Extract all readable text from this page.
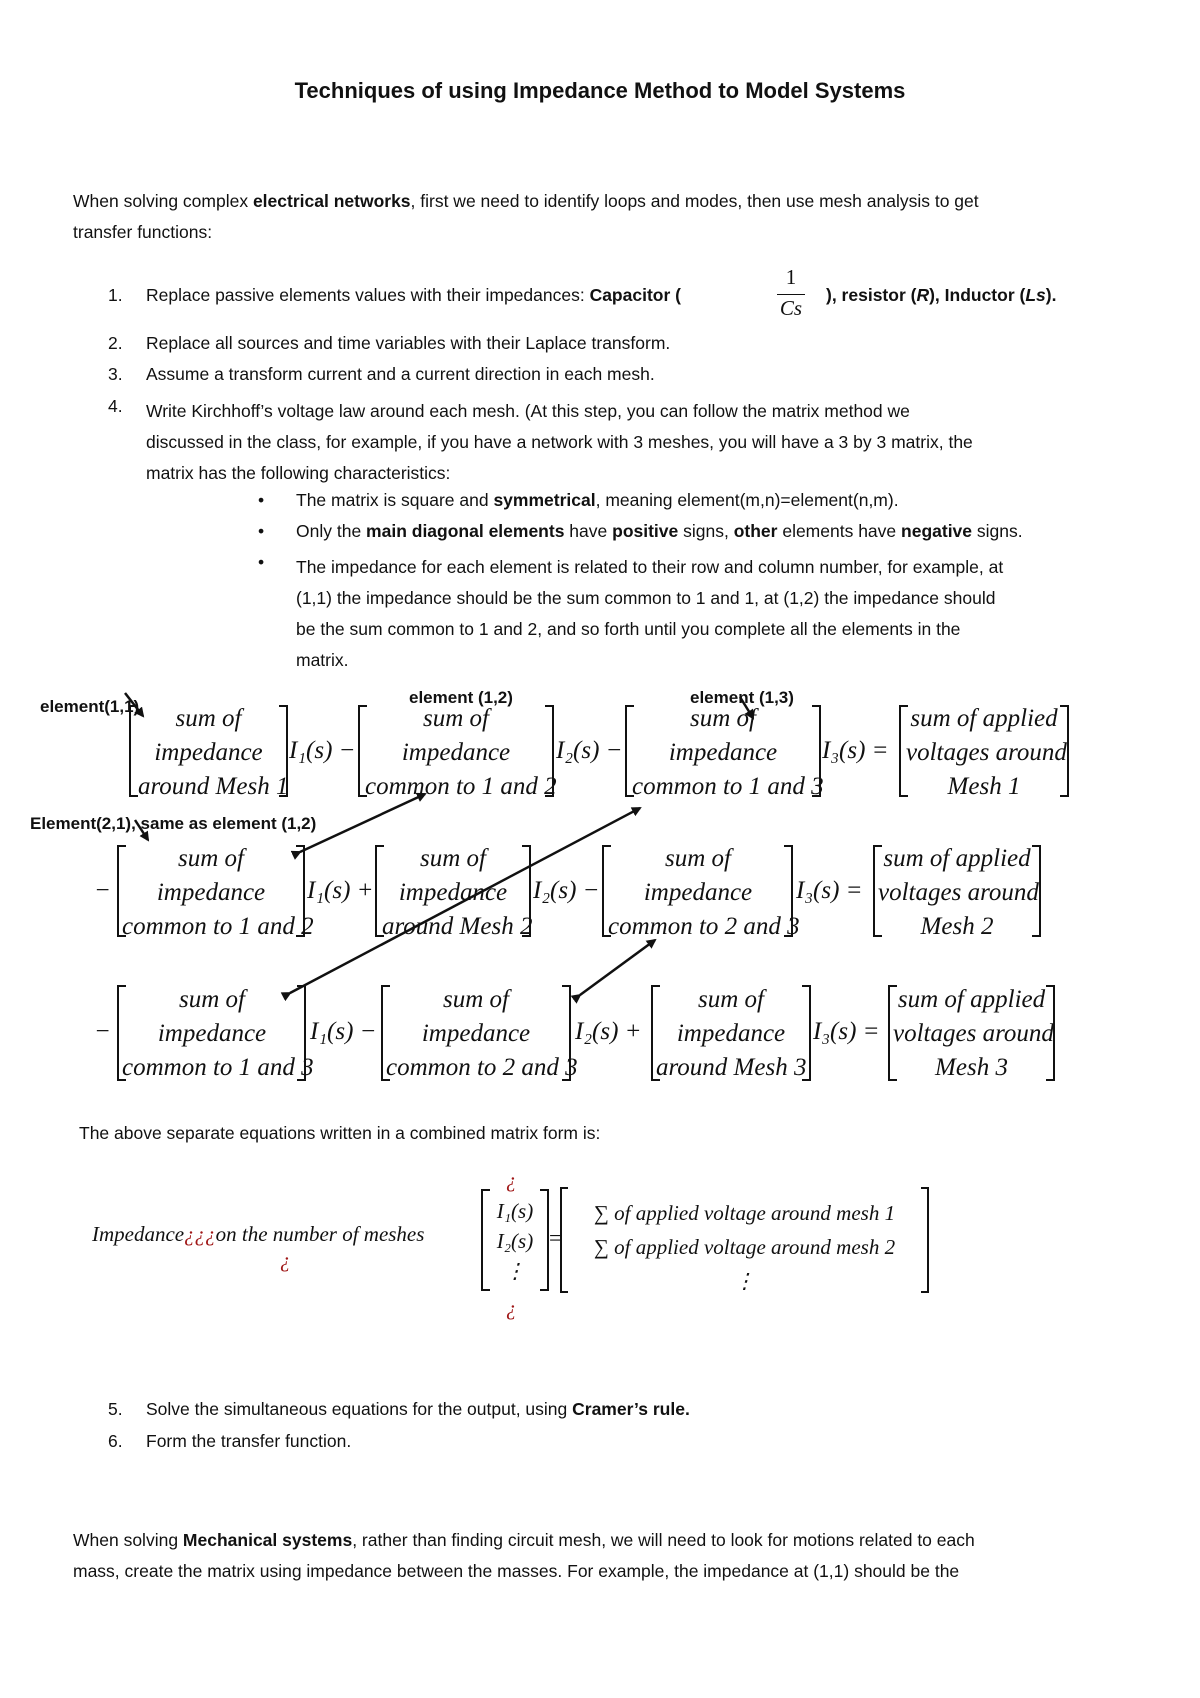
Techniques of using Impedance Method to Model Systems
When solving complex electrical networks, first we need to identify loops and modes, then use mesh analysis to get
transfer functions:
1. Replace passive elements values with their impedances: Capacitor (
1
Cs
), resistor (R), Inductor (Ls).
2. Replace all sources and time variables with their Laplace transform.
3. Assume a transform current and a current direction in each mesh.
4. Write Kirchhoff’s voltage law around each mesh. (At this step, you can follow the matrix method we
discussed in the class, for example, if you have a network with 3 meshes, you will have a 3 by 3 matrix, the
matrix has the following characteristics:
• The matrix is square and symmetrical, meaning element(m,n)=element(n,m).
• Only the main diagonal elements have positive signs, other elements have negative signs.
• The impedance for each element is related to their row and column number, for example, at
(1,1) the impedance should be the sum common to 1 and 1, at (1,2) the impedance should
be the sum common to 1 and 2, and so forth until you complete all the elements in the
matrix.
element(1,1)	element (1,2)	element (1,3)
Element(2,1), same as element (1,2)
sum of
impedance
around Mesh 1
I₁(s) −
sum of
impedance
common to 1 and 2
I₂(s) −
sum of
impedance
common to 1 and 3
I₃(s) =
sum of applied
voltages around
Mesh 1
−
sum of
impedance
common to 1 and 2
I₁(s) +
sum of
impedance
around Mesh 2
I₂(s) −
sum of
impedance
common to 2 and 3
I₃(s) =
sum of applied
voltages around
Mesh 2
−
sum of
impedance
common to 1 and 3
I₁(s) −
sum of
impedance
common to 2 and 3
I₂(s) +
sum of
impedance
around Mesh 3
I₃(s) =
sum of applied
voltages around
Mesh 3
The above separate equations written in a combined matrix form is:
¿
Impedance¿¿¿on the number of meshes
¿
¿
I₁(s)
I₂(s)
⋮
=
∑ of applied voltage around mesh 1
∑ of applied voltage around mesh 2
⋮
5. Solve the simultaneous equations for the output, using Cramer’s rule.
6. Form the transfer function.
When solving Mechanical systems, rather than finding circuit mesh, we will need to look for motions related to each
mass, create the matrix using impedance between the masses. For example, the impedance at (1,1) should be the
